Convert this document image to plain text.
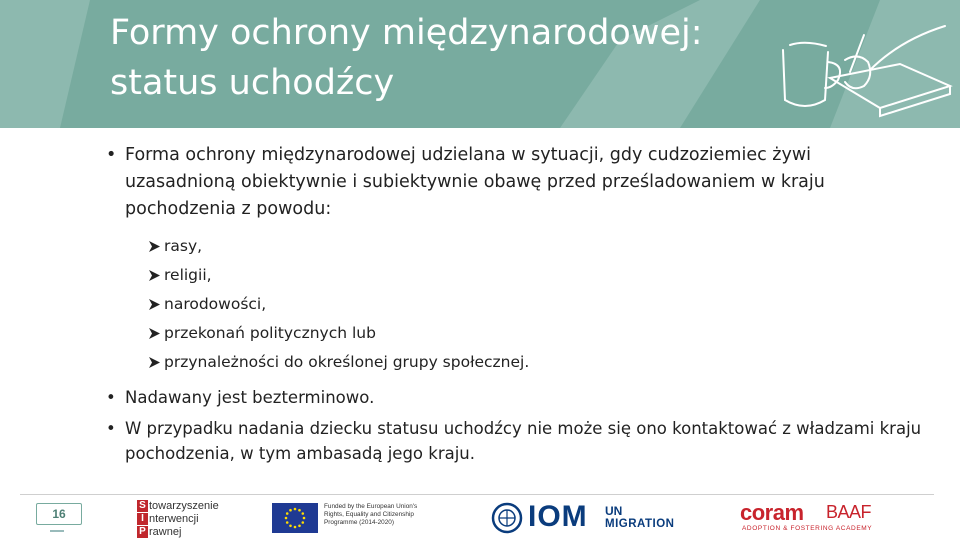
Formy ochrony międzynarodowej:
status uchodźcy
• Forma ochrony międzynarodowej udzielana w sytuacji, gdy cudzoziemiec żywi uzasadnioną obiektywnie i subiektywnie obawę przed prześladowaniem w kraju pochodzenia z powodu:
rasy,
religii,
narodowości,
przekonań politycznych lub
przynależności do określonej grupy społecznej.
• Nadawany jest bezterminowo.
• W przypadku nadania dziecku statusu uchodźcy nie może się ono kontaktować z władzami kraju pochodzenia, w tym ambasadą jego kraju.
16
S towarzyszenie
I nterwencji
P rawnej
Funded by the European Union's Rights, Equality and Citizenship Programme (2014-2020)	IOM UN
MIGRATION	coram BAAF
ADOPTION & FOSTERING ACADEMY
